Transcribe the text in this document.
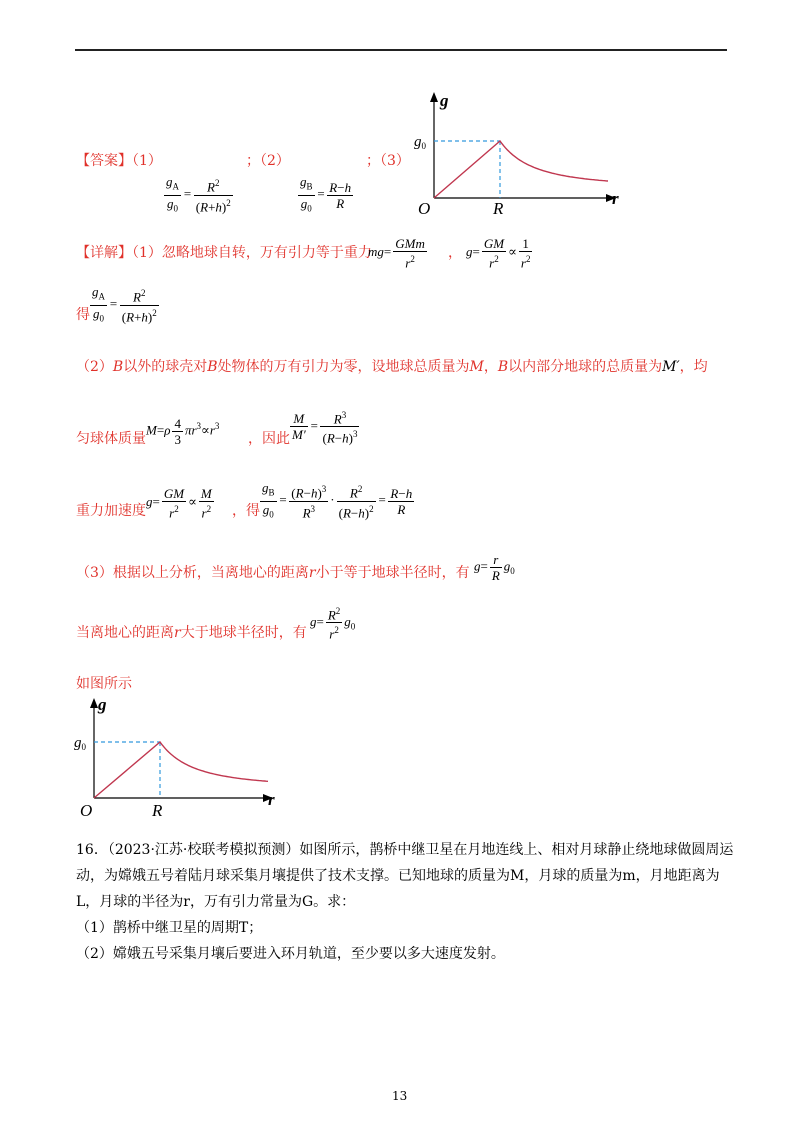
g
r
O	R
$g_0$
【答案】（1）	；（2）	；（3）
$\frac{g_A}{g_0} = \frac{R^2}{(R+h)^2}$	$\frac{g_B}{g_0} = \frac{R-h}{R}$
【详解】（1）忽略地球自转，万有引力等于重力
$mg= \frac{\text{GMm}}{r^2}$ ， $g= \frac{GM}{r^2} \propto \frac{1}{r^2}$
得 $\frac{g_A}{g_0} = \frac{R^2}{(R+h)^2}$
（2）B以外的球壳对B处物体的万有引力为零，设地球总质量为M，B以内部分地球的总质量为M′，均
匀球体质量
$M=\rho \frac{4}{3} \pi r^3\propto r^3$
，因此 $\frac{M}{M'} = \frac{R^3}{(R-h)^3}$
重力加速度
$g= \frac{GM}{r^2} \propto \frac{M}{r^2}$ ，得 $\frac{g_B}{g_0} = \frac{(R-h)^3}{R^3} \cdot \frac{R^2}{(R-h)^2} = \frac{R-h}{R}$
（3）根据以上分析，当离地心的距离r小于等于地球半径时，有 $g= \frac{r}{R} g_0$
当离地心的距离r大于地球半径时，有
$g= \frac{R^2}{r^2} g_0$
如图所示
g
r
O	R
$g_0$
16．（2023·江苏·校联考模拟预测）如图所示，鹊桥中继卫星在月地连线上、相对月球静止绕地球做圆周运动，为嫦娥五号着陆月球采集月壤提供了技术支撑。已知地球的质量为M，月球的质量为m，月地距离为L，月球的半径为r，万有引力常量为G。求：
（1）鹊桥中继卫星的周期T；
（2）嫦娥五号采集月壤后要进入环月轨道，至少要以多大速度发射。
13
